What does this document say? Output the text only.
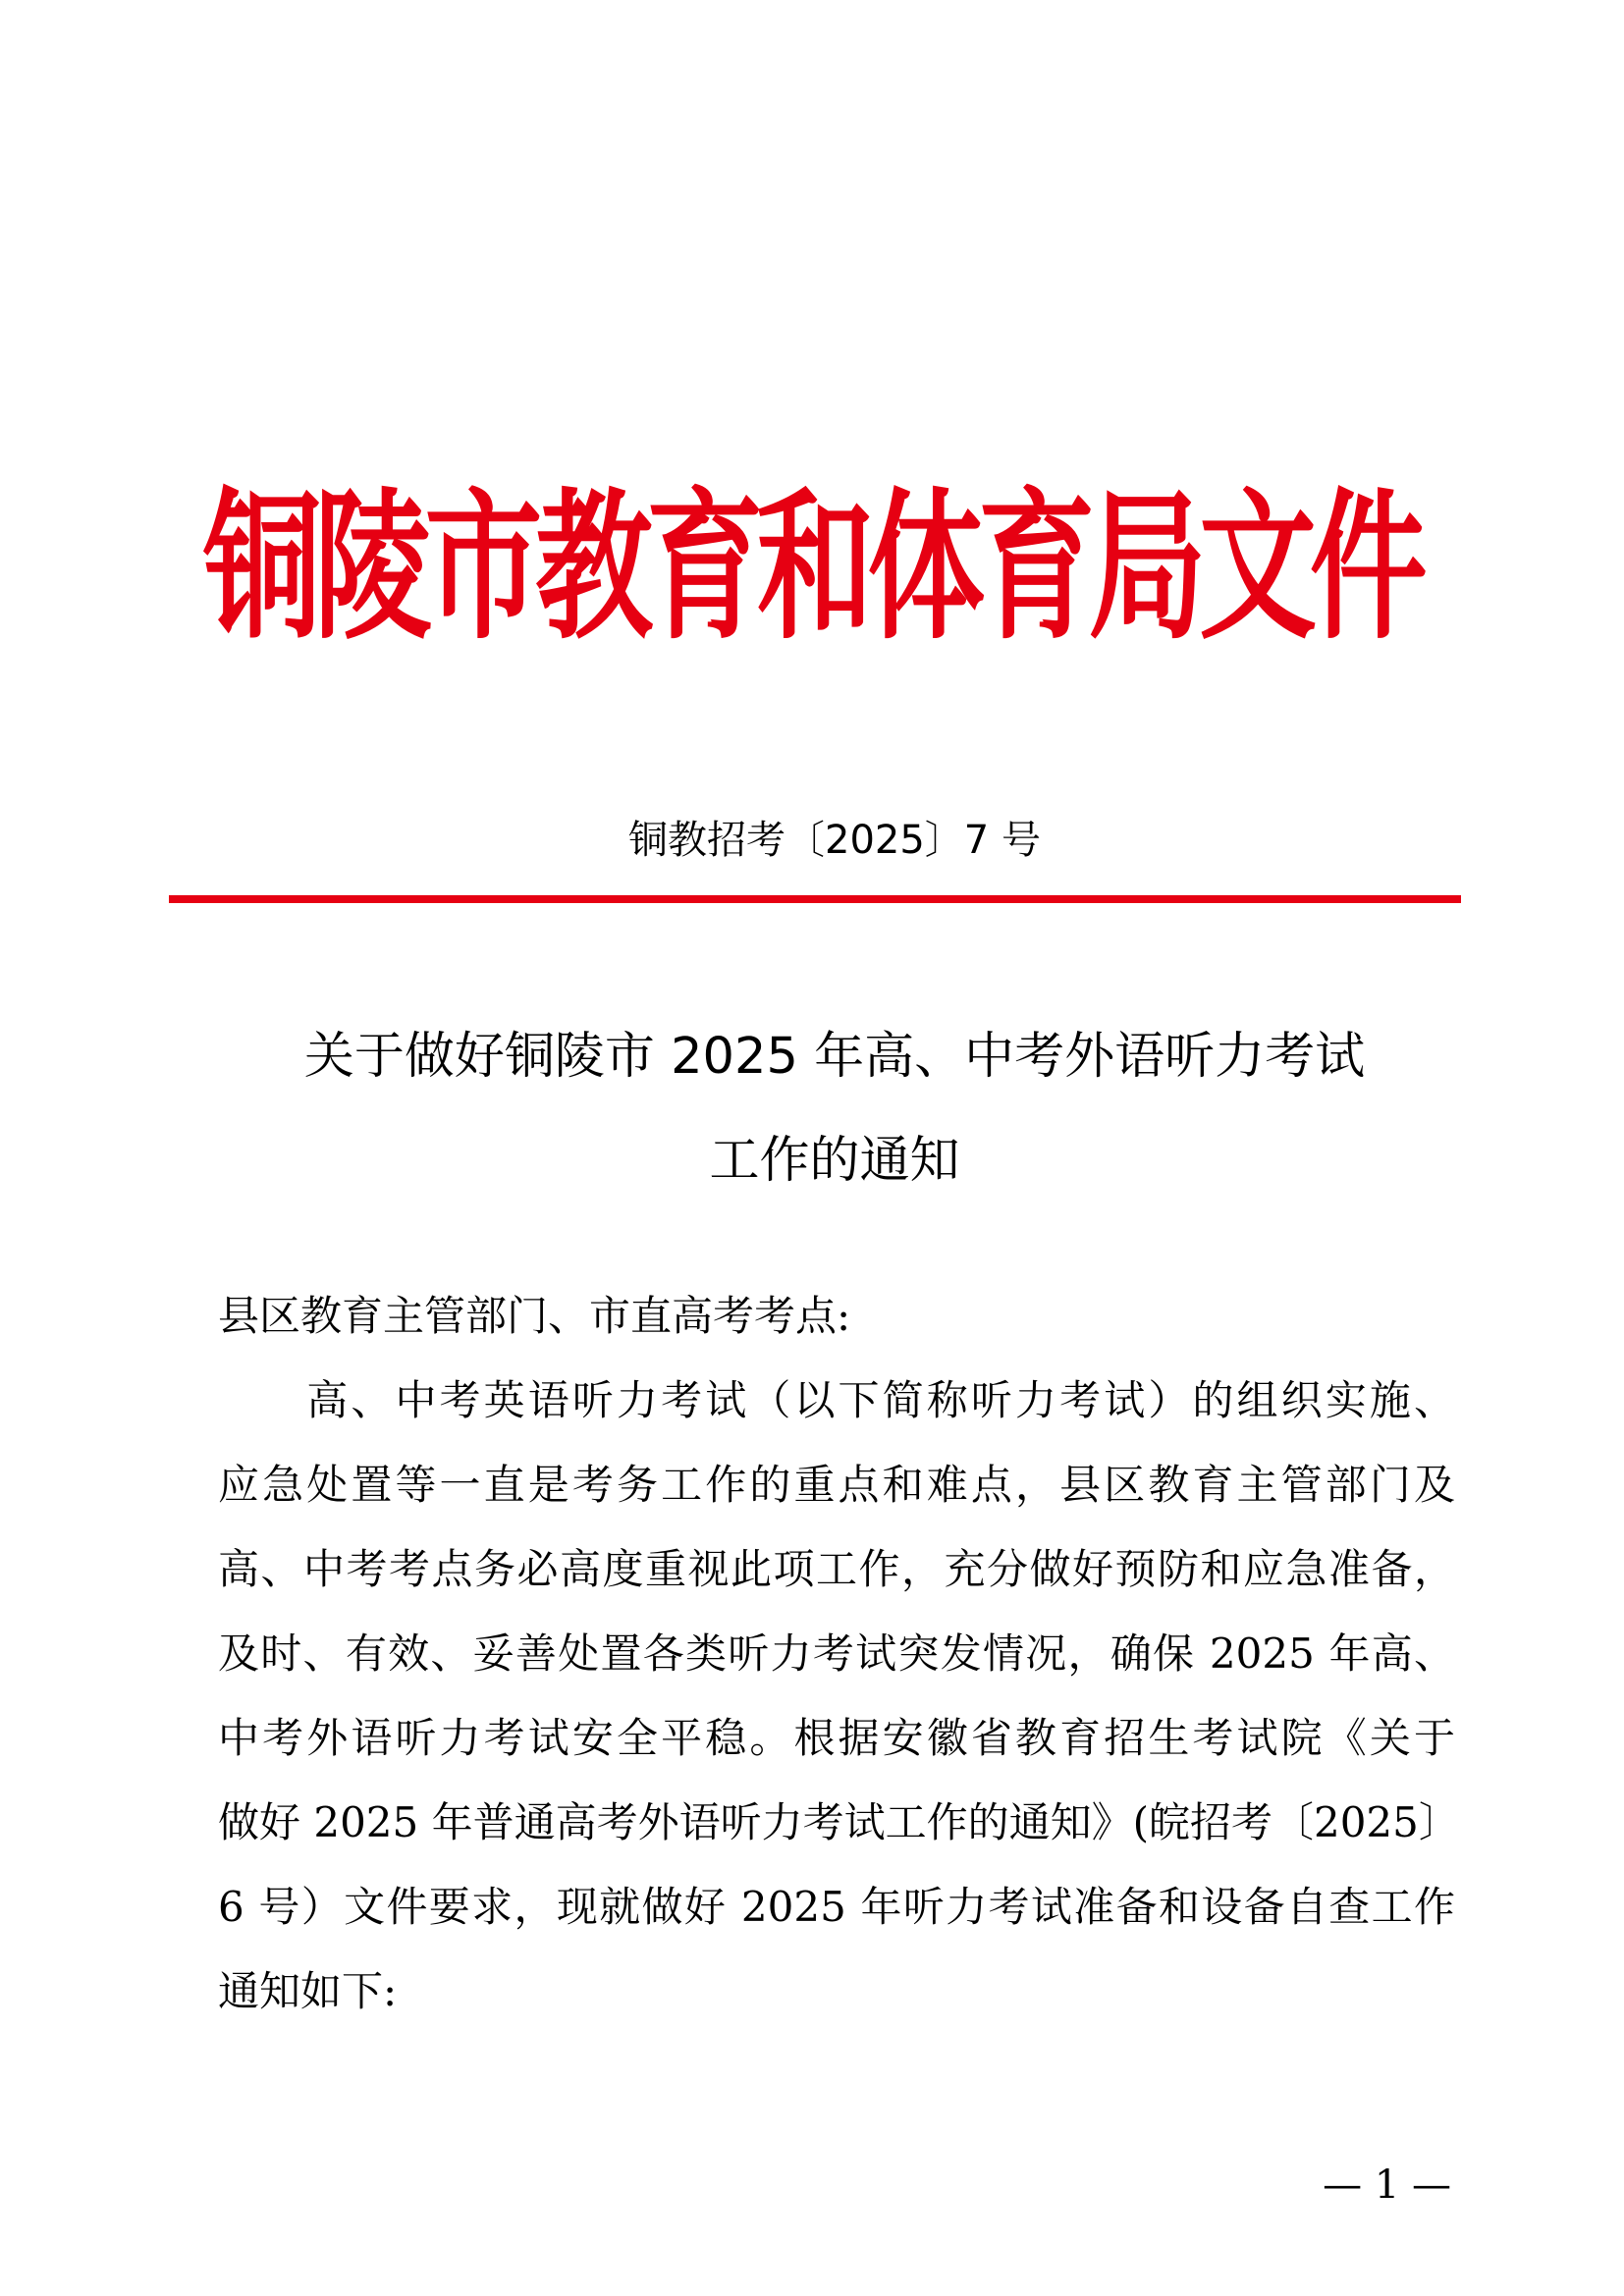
铜陵市教育和体育局文件
铜教招考〔2025〕7 号
关于做好铜陵市 2025 年高、中考外语听力考试
工作的通知
县区教育主管部门、市直高考考点:
　　高、中考英语听力考试（以下简称听力考试）的组织实施、
应急处置等一直是考务工作的重点和难点，县区教育主管部门及
高、中考考点务必高度重视此项工作，充分做好预防和应急准备，
及时、有效、妥善处置各类听力考试突发情况，确保 2025 年高、
中考外语听力考试安全平稳。根据安徽省教育招生考试院《关于
做好 2025 年普通高考外语听力考试工作的通知》(皖招考〔2025〕
6 号）文件要求，现就做好 2025 年听力考试准备和设备自查工作
通知如下:
— 1 —
